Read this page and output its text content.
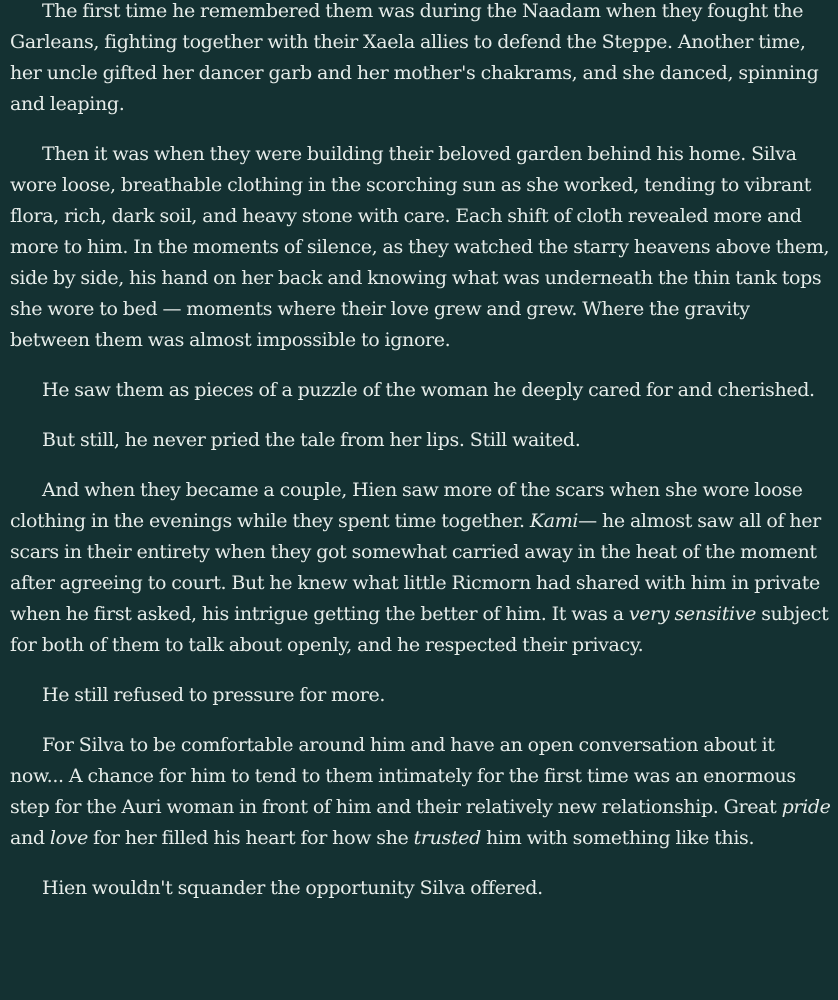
The first time he remembered them was during the Naadam when they fought the Garleans, fighting together with their Xaela allies to defend the Steppe. Another time, her uncle gifted her dancer garb and her mother's chakrams, and she danced, spinning and leaping.

Then it was when they were building their beloved garden behind his home. Silva wore loose, breathable clothing in the scorching sun as she worked, tending to vibrant flora, rich, dark soil, and heavy stone with care. Each shift of cloth revealed more and more to him. In the moments of silence, as they watched the starry heavens above them, side by side, his hand on her back and knowing what was underneath the thin tank tops she wore to bed — moments where their love grew and grew. Where the gravity between them was almost impossible to ignore.

He saw them as pieces of a puzzle of the woman he deeply cared for and cherished.

But still, he never pried the tale from her lips. Still waited.

And when they became a couple, Hien saw more of the scars when she wore loose clothing in the evenings while they spent time together. Kami— he almost saw all of her scars in their entirety when they got somewhat carried away in the heat of the moment after agreeing to court. But he knew what little Ricmorn had shared with him in private when he first asked, his intrigue getting the better of him. It was a very sensitive subject for both of them to talk about openly, and he respected their privacy.

He still refused to pressure for more.

For Silva to be comfortable around him and have an open conversation about it now... A chance for him to tend to them intimately for the first time was an enormous step for the Auri woman in front of him and their relatively new relationship. Great pride and love for her filled his heart for how she trusted him with something like this.

Hien wouldn't squander the opportunity Silva offered.
